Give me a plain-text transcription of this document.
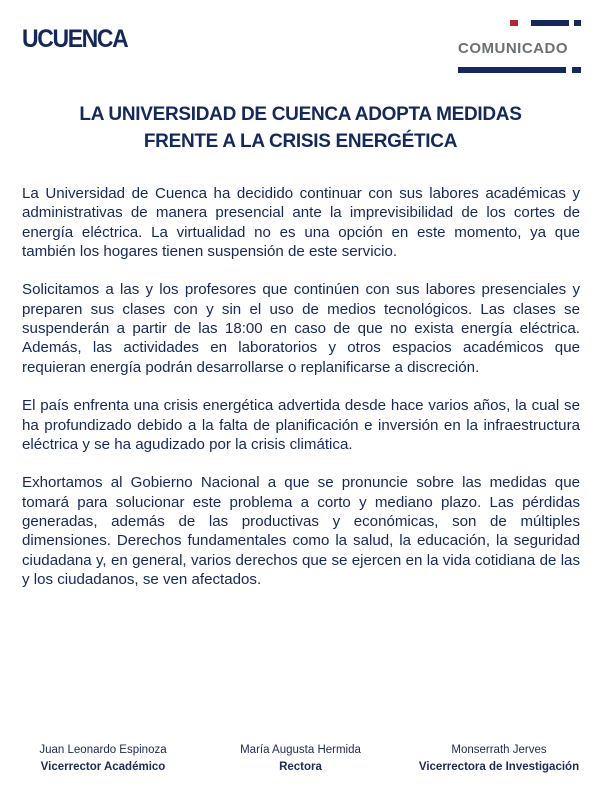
UCUENCA	COMUNICADO
LA UNIVERSIDAD DE CUENCA ADOPTA MEDIDAS
FRENTE A LA CRISIS ENERGÉTICA

La Universidad de Cuenca ha decidido continuar con sus labores académicas y administrativas de manera presencial ante la imprevisibilidad de los cortes de energía eléctrica. La virtualidad no es una opción en este momento, ya que también los hogares tienen suspensión de este servicio.

Solicitamos a las y los profesores que continúen con sus labores presenciales y preparen sus clases con y sin el uso de medios tecnológicos. Las clases se suspenderán a partir de las 18:00 en caso de que no exista energía eléctrica. Además, las actividades en laboratorios y otros espacios académicos que requieran energía podrán desarrollarse o replanificarse a discreción.

El país enfrenta una crisis energética advertida desde hace varios años, la cual se ha profundizado debido a la falta de planificación e inversión en la infraestructura eléctrica y se ha agudizado por la crisis climática.

Exhortamos al Gobierno Nacional a que se pronuncie sobre las medidas que tomará para solucionar este problema a corto y mediano plazo. Las pérdidas generadas, además de las productivas y económicas, son de múltiples dimensiones. Derechos fundamentales como la salud, la educación, la seguridad ciudadana y, en general, varios derechos que se ejercen en la vida cotidiana de las y los ciudadanos, se ven afectados.

Juan Leonardo Espinoza
Vicerrector Académico
María Augusta Hermida
Rectora
Monserrath Jerves
Vicerrectora de Investigación
